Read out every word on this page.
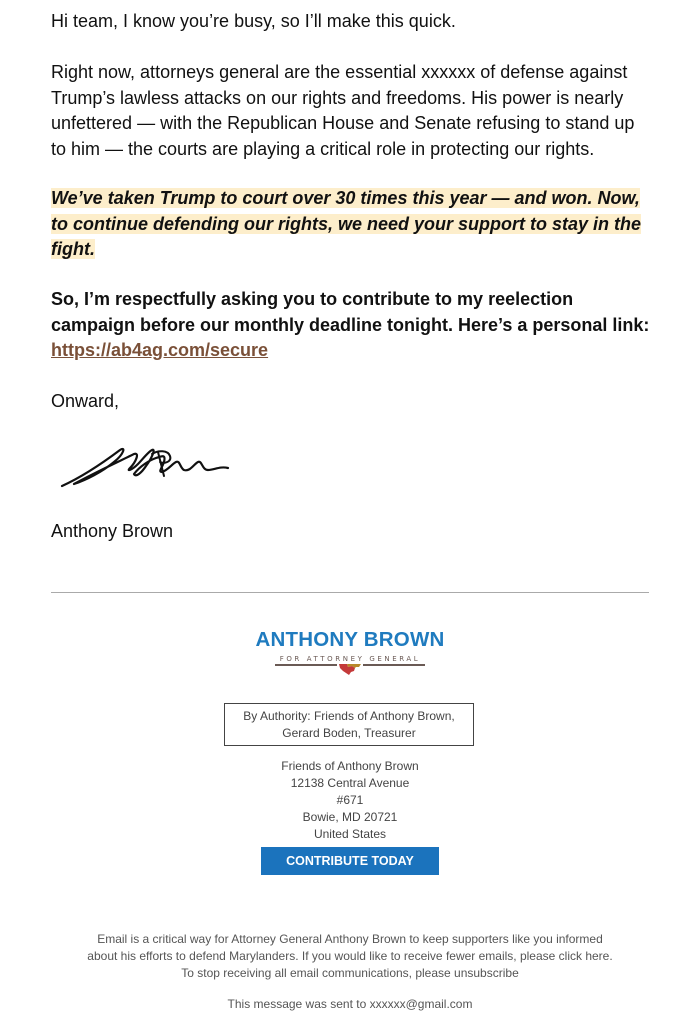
Hi team, I know you’re busy, so I’ll make this quick.

Right now, attorneys general are the essential xxxxxx of defense against Trump’s lawless attacks on our rights and freedoms. His power is nearly unfettered — with the Republican House and Senate refusing to stand up to him — the courts are playing a critical role in protecting our rights.

We’ve taken Trump to court over 30 times this year — and won. Now, to continue defending our rights, we need your support to stay in the fight.

So, I’m respectfully asking you to contribute to my reelection campaign before our monthly deadline tonight. Here’s a personal link: https://ab4ag.com/secure

Onward,

Anthony Brown

ANTHONY BROWN
FOR ATTORNEY GENERAL
By Authority: Friends of Anthony Brown,
Gerard Boden, Treasurer
Friends of Anthony Brown
12138 Central Avenue
#671
Bowie, MD 20721
United States
CONTRIBUTE TODAY
Email is a critical way for Attorney General Anthony Brown to keep supporters like you informed
about his efforts to defend Marylanders. If you would like to receive fewer emails, please click here.
To stop receiving all email communications, please unsubscribe
This message was sent to xxxxxx@gmail.com
